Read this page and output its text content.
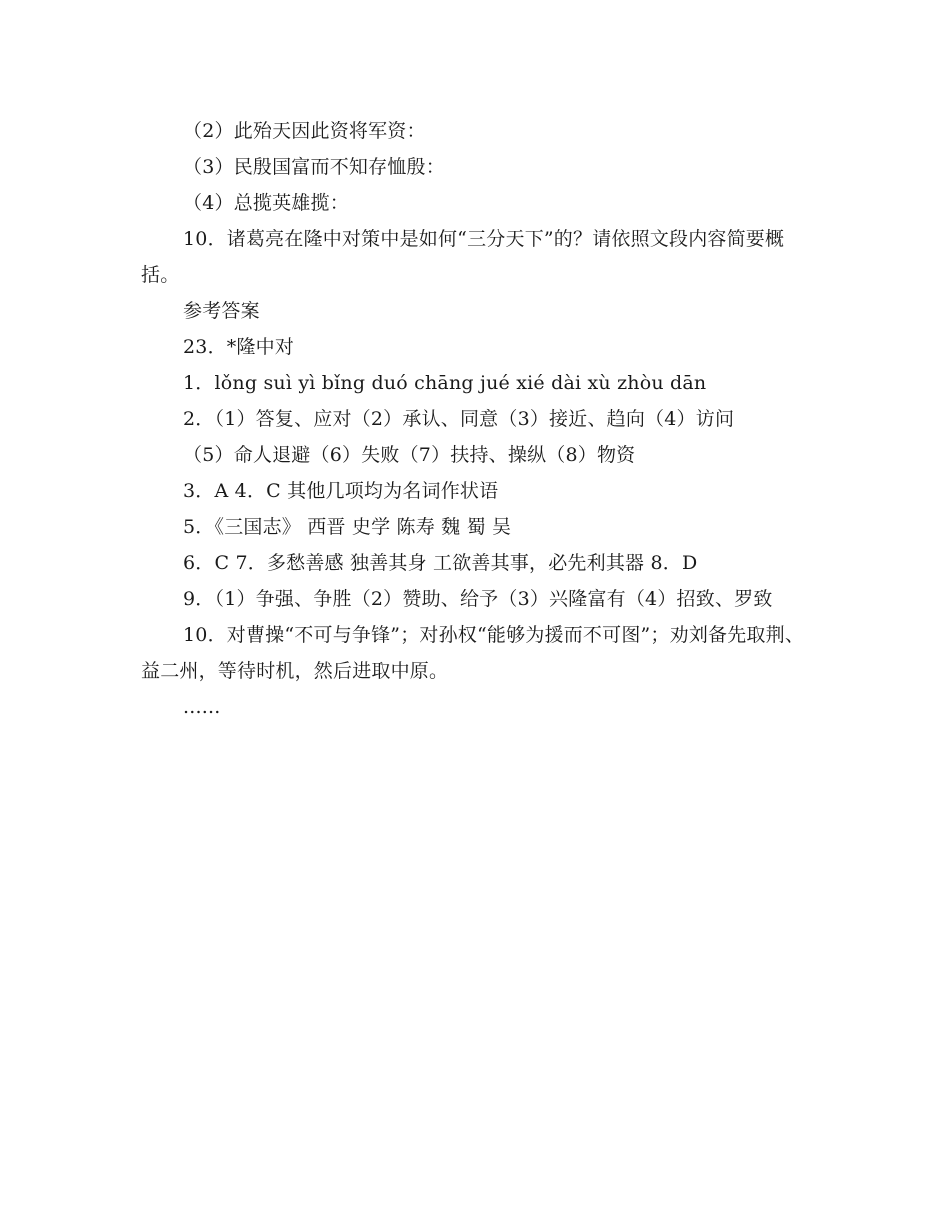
（2）此殆天因此资将军资：
（3）民殷国富而不知存恤殷：
（4）总揽英雄揽：
10．诸葛亮在隆中对策中是如何“三分天下”的？请依照文段内容简要概括。
参考答案
23．*隆中对
1．lǒng suì yì bǐng duó chāng jué xié dài xù zhòu dān
2．（1）答复、应对（2）承认、同意（3）接近、趋向（4）访问
（5）命人退避（6）失败（7）扶持、操纵（8）物资
3．A 4．C 其他几项均为名词作状语
5．《三国志》 西晋 史学 陈寿 魏 蜀 吴
6．C 7．多愁善感 独善其身 工欲善其事，必先利其器 8．D
9．（1）争强、争胜（2）赞助、给予（3）兴隆富有（4）招致、罗致
10．对曹操“不可与争锋”；对孙权“能够为援而不可图”；劝刘备先取荆、益二州，等待时机，然后进取中原。
......
